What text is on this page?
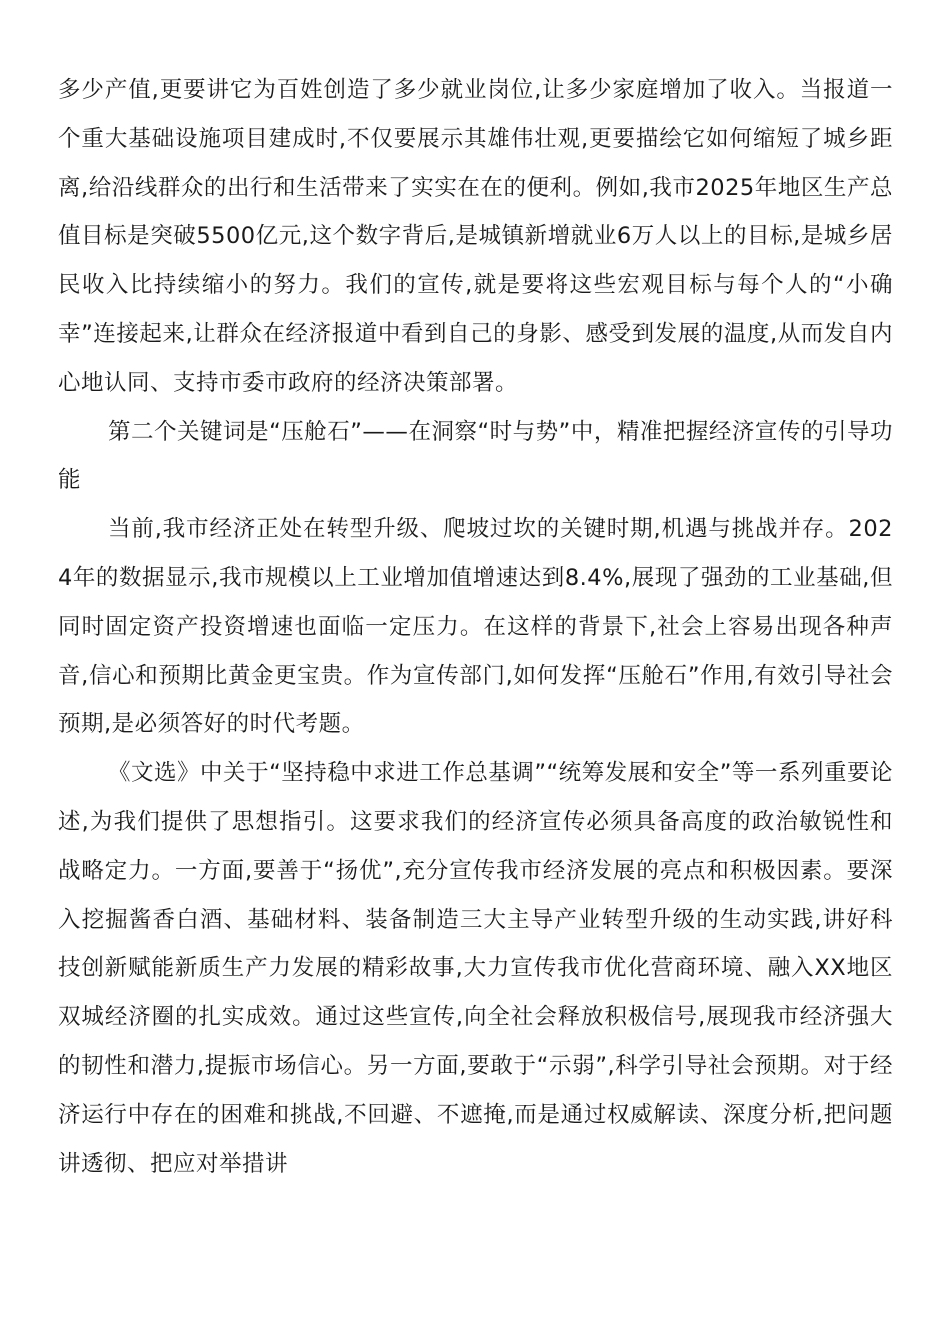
多少产值,更要讲它为百姓创造了多少就业岗位,让多少家庭增加了收入。当报道一个重大基础设施项目建成时,不仅要展示其雄伟壮观,更要描绘它如何缩短了城乡距离,给沿线群众的出行和生活带来了实实在在的便利。例如,我市2025年地区生产总值目标是突破5500亿元,这个数字背后,是城镇新增就业6万人以上的目标,是城乡居民收入比持续缩小的努力。我们的宣传,就是要将这些宏观目标与每个人的“小确幸”连接起来,让群众在经济报道中看到自己的身影、感受到发展的温度,从而发自内心地认同、支持市委市政府的经济决策部署。

第二个关键词是“压舱石”——在洞察“时与势”中，精准把握经济宣传的引导功能

当前,我市经济正处在转型升级、爬坡过坎的关键时期,机遇与挑战并存。2024年的数据显示,我市规模以上工业增加值增速达到8.4%,展现了强劲的工业基础,但同时固定资产投资增速也面临一定压力。在这样的背景下,社会上容易出现各种声音,信心和预期比黄金更宝贵。作为宣传部门,如何发挥“压舱石”作用,有效引导社会预期,是必须答好的时代考题。

《文选》中关于“坚持稳中求进工作总基调”“统筹发展和安全”等一系列重要论述,为我们提供了思想指引。这要求我们的经济宣传必须具备高度的政治敏锐性和战略定力。一方面,要善于“扬优”,充分宣传我市经济发展的亮点和积极因素。要深入挖掘酱香白酒、基础材料、装备制造三大主导产业转型升级的生动实践,讲好科技创新赋能新质生产力发展的精彩故事,大力宣传我市优化营商环境、融入XX地区双城经济圈的扎实成效。通过这些宣传,向全社会释放积极信号,展现我市经济强大的韧性和潜力,提振市场信心。另一方面,要敢于“示弱”,科学引导社会预期。对于经济运行中存在的困难和挑战,不回避、不遮掩,而是通过权威解读、深度分析,把问题讲透彻、把应对举措讲
